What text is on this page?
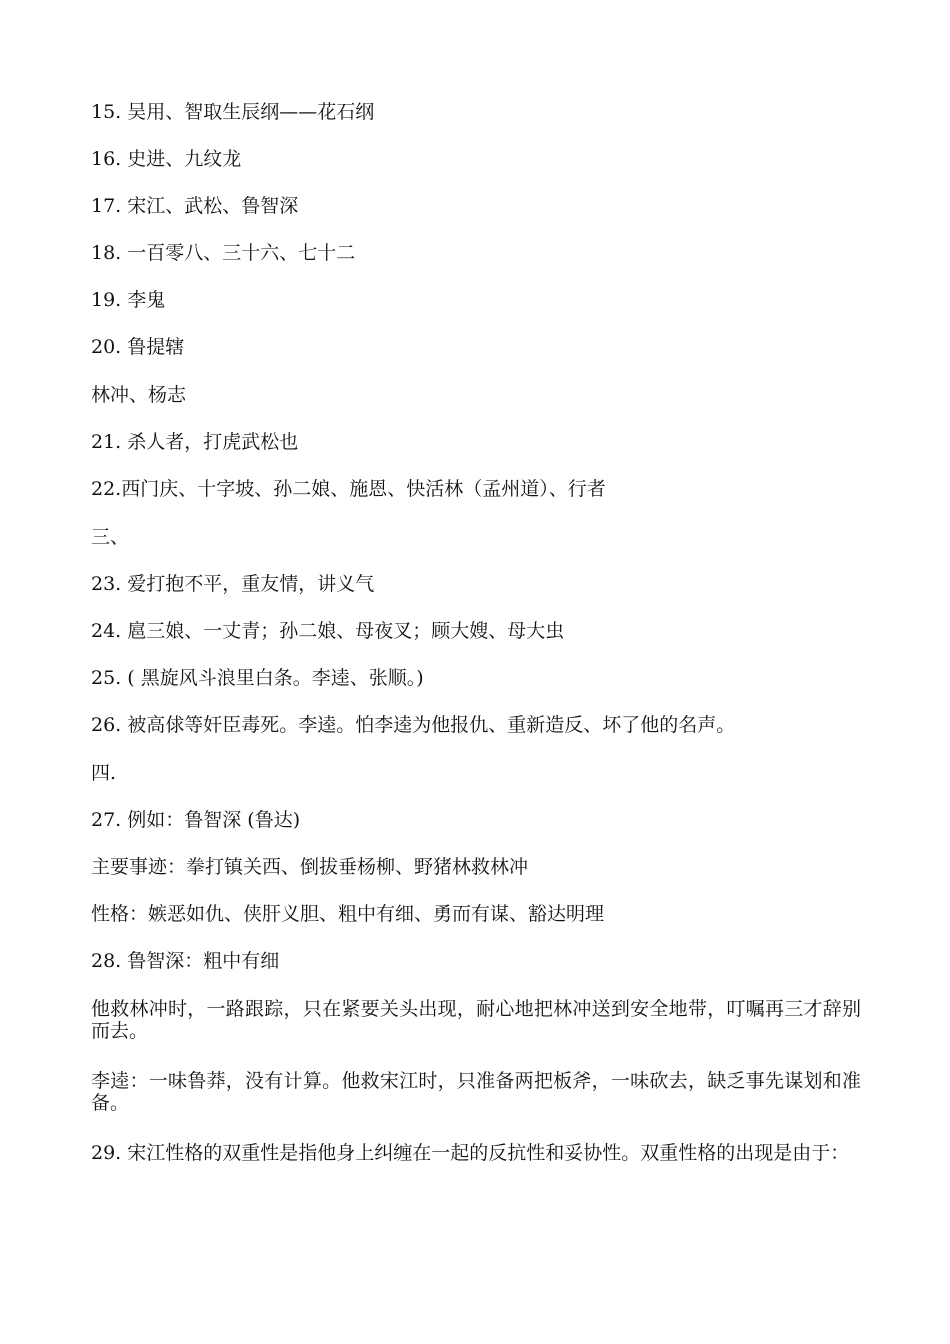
15. 吴用、智取生辰纲——花石纲
16. 史进、九纹龙
17. 宋江、武松、鲁智深
18. 一百零八、三十六、七十二
19. 李鬼
20. 鲁提辖
林冲、杨志
21. 杀人者，打虎武松也
22.西门庆、十字坡、孙二娘、施恩、快活林（孟州道）、行者
三、
23. 爱打抱不平，重友情，讲义气
24. 扈三娘、一丈青；孙二娘、母夜叉；顾大嫂、母大虫
25. ( 黑旋风斗浪里白条。李逵、张顺。)
26. 被高俅等奸臣毒死。李逵。怕李逵为他报仇、重新造反、坏了他的名声。
四.
27. 例如：鲁智深 (鲁达)
主要事迹：拳打镇关西、倒拔垂杨柳、野猪林救林冲
性格：嫉恶如仇、侠肝义胆、粗中有细、勇而有谋、豁达明理
28. 鲁智深：粗中有细
他救林冲时，一路跟踪，只在紧要关头出现，耐心地把林冲送到安全地带，叮嘱再三才辞别而去。
李逵：一味鲁莽，没有计算。他救宋江时，只准备两把板斧，一味砍去，缺乏事先谋划和准备。
29. 宋江性格的双重性是指他身上纠缠在一起的反抗性和妥协性。双重性格的出现是由于：
